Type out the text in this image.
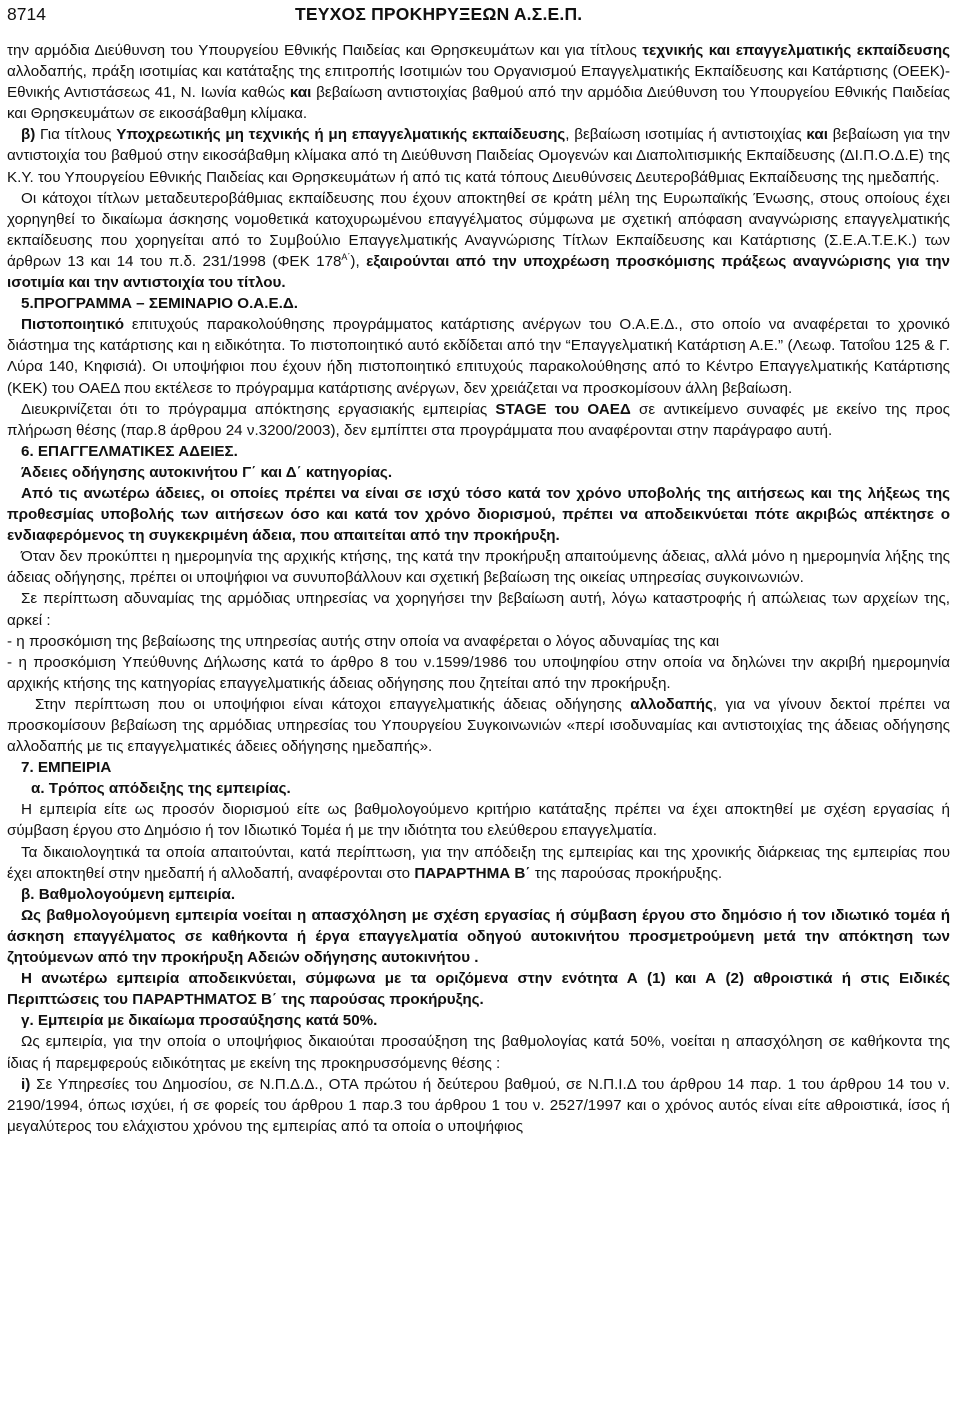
8714	ΤΕΥΧΟΣ ΠΡΟΚΗΡΥΞΕΩΝ Α.Σ.Ε.Π.

την αρμόδια Διεύθυνση του Υπουργείου Εθνικής Παιδείας και Θρησκευμάτων και για τίτλους τεχνικής και επαγγελματικής εκπαίδευσης αλλοδαπής, πράξη ισοτιμίας και κατάταξης της επιτροπής Ισοτιμιών του Οργανισμού Επαγγελματικής Εκπαίδευσης και Κατάρτισης (ΟΕΕΚ)- Εθνικής Αντιστάσεως 41, Ν. Ιωνία καθώς και βεβαίωση αντιστοιχίας βαθμού από την αρμόδια Διεύθυνση του Υπουργείου Εθνικής Παιδείας και Θρησκευμάτων σε εικοσάβαθμη κλίμακα.

β) Για τίτλους Υποχρεωτικής μη τεχνικής ή μη επαγγελματικής εκπαίδευσης, βεβαίωση ισοτιμίας ή αντιστοιχίας και βεβαίωση για την αντιστοιχία του βαθμού στην εικοσάβαθμη κλίμακα από τη Διεύθυνση Παιδείας Ομογενών και Διαπολιτισμικής Εκπαίδευσης (ΔΙ.Π.Ο.Δ.Ε) της Κ.Υ. του Υπουργείου Εθνικής Παιδείας και Θρησκευμάτων ή από τις κατά τόπους Διευθύνσεις Δευτεροβάθμιας Εκπαίδευσης της ημεδαπής.

Οι κάτοχοι τίτλων μεταδευτεροβάθμιας εκπαίδευσης που έχουν αποκτηθεί σε κράτη μέλη της Ευρωπαϊκής Ένωσης, στους οποίους έχει χορηγηθεί το δικαίωμα άσκησης νομοθετικά κατοχυρωμένου επαγγέλματος σύμφωνα με σχετική απόφαση αναγνώρισης επαγγελματικής εκπαίδευσης που χορηγείται από το Συμβούλιο Επαγγελματικής Αναγνώρισης Τίτλων Εκπαίδευσης και Κατάρτισης (Σ.Ε.Α.Τ.Ε.Κ.) των άρθρων 13 και 14 του π.δ. 231/1998 (ΦΕΚ $178^{A΄}$), εξαιρούνται από την υποχρέωση προσκόμισης πράξεως αναγνώρισης για την ισοτιμία και την αντιστοιχία του τίτλου.

5.ΠΡΟΓΡΑΜΜΑ – ΣΕΜΙΝΑΡΙΟ Ο.Α.Ε.Δ.

Πιστοποιητικό επιτυχούς παρακολούθησης προγράμματος κατάρτισης ανέργων του Ο.Α.Ε.Δ., στο οποίο να αναφέρεται το χρονικό διάστημα της κατάρτισης και η ειδικότητα. Το πιστοποιητικό αυτό εκδίδεται από την “Επαγγελματική Κατάρτιση Α.Ε.” (Λεωφ. Τατοΐου 125 & Γ. Λύρα 140, Κηφισιά). Οι υποψήφιοι που έχουν ήδη πιστοποιητικό επιτυχούς παρακολούθησης από το Κέντρο Επαγγελματικής Κατάρτισης (ΚΕΚ) του ΟΑΕΔ που εκτέλεσε το πρόγραμμα κατάρτισης ανέργων, δεν χρειάζεται να προσκομίσουν άλλη βεβαίωση.

Διευκρινίζεται ότι το πρόγραμμα απόκτησης εργασιακής εμπειρίας STAGE του ΟΑΕΔ σε αντικείμενο συναφές με εκείνο της προς πλήρωση θέσης (παρ.8 άρθρου 24 ν.3200/2003), δεν εμπίπτει στα προγράμματα που αναφέρονται στην παράγραφο αυτή.

6. ΕΠΑΓΓΕΛΜΑΤΙΚΕΣ ΑΔΕΙΕΣ.

Άδειες οδήγησης αυτοκινήτου Γ΄ και Δ΄ κατηγορίας.

Από τις ανωτέρω άδειες, οι οποίες πρέπει να είναι σε ισχύ τόσο κατά τον χρόνο υποβολής της αιτήσεως και της λήξεως της προθεσμίας υποβολής των αιτήσεων όσο και κατά τον χρόνο διορισμού, πρέπει να αποδεικνύεται πότε ακριβώς απέκτησε ο ενδιαφερόμενος τη συγκεκριμένη άδεια, που απαιτείται από την προκήρυξη.

Όταν δεν προκύπτει η ημερομηνία της αρχικής κτήσης, της κατά την προκήρυξη απαιτούμενης άδειας, αλλά μόνο η ημερομηνία λήξης της άδειας οδήγησης, πρέπει οι υποψήφιοι να συνυποβάλλουν και σχετική βεβαίωση της οικείας υπηρεσίας συγκοινωνιών.

Σε περίπτωση αδυναμίας της αρμόδιας υπηρεσίας να χορηγήσει την βεβαίωση αυτή, λόγω καταστροφής ή απώλειας των αρχείων της, αρκεί :

- η προσκόμιση της βεβαίωσης της υπηρεσίας αυτής στην οποία να αναφέρεται ο λόγος αδυναμίας της και

- η προσκόμιση Υπεύθυνης Δήλωσης κατά το άρθρο 8 του ν.1599/1986 του υποψηφίου στην οποία να δηλώνει την ακριβή ημερομηνία αρχικής κτήσης της κατηγορίας επαγγελματικής άδειας οδήγησης που ζητείται από την προκήρυξη.

Στην περίπτωση που οι υποψήφιοι είναι κάτοχοι επαγγελματικής άδειας οδήγησης αλλοδαπής, για να γίνουν δεκτοί πρέπει να προσκομίσουν βεβαίωση της αρμόδιας υπηρεσίας του Υπουργείου Συγκοινωνιών «περί ισοδυναμίας και αντιστοιχίας της άδειας οδήγησης αλλοδαπής με τις επαγγελματικές άδειες οδήγησης ημεδαπής».

7. ΕΜΠΕΙΡΙΑ

α. Τρόπος απόδειξης της εμπειρίας.

Η εμπειρία είτε ως προσόν διορισμού είτε ως βαθμολογούμενο κριτήριο κατάταξης πρέπει να έχει αποκτηθεί με σχέση εργασίας ή σύμβαση έργου στο Δημόσιο ή τον Ιδιωτικό Τομέα ή με την ιδιότητα του ελεύθερου επαγγελματία.

Τα δικαιολογητικά τα οποία απαιτούνται, κατά περίπτωση, για την απόδειξη της εμπειρίας και της χρονικής διάρκειας της εμπειρίας που έχει αποκτηθεί στην ημεδαπή ή αλλοδαπή, αναφέρονται στο ΠΑΡΑΡΤΗΜΑ Β΄ της παρούσας προκήρυξης.

β. Βαθμολογούμενη εμπειρία.

Ως βαθμολογούμενη εμπειρία νοείται η απασχόληση με σχέση εργασίας ή σύμβαση έργου στο δημόσιο ή τον ιδιωτικό τομέα ή άσκηση επαγγέλματος σε καθήκοντα ή έργα επαγγελματία οδηγού αυτοκινήτου προσμετρούμενη μετά την απόκτηση των ζητούμενων από την προκήρυξη Αδειών οδήγησης αυτοκινήτου .

Η ανωτέρω εμπειρία αποδεικνύεται, σύμφωνα με τα οριζόμενα στην ενότητα Α (1) και Α (2) αθροιστικά ή στις Ειδικές Περιπτώσεις του ΠΑΡΑΡΤΗΜΑΤΟΣ Β΄ της παρούσας προκήρυξης.

γ. Εμπειρία με δικαίωμα προσαύξησης κατά 50%.

Ως εμπειρία, για την οποία ο υποψήφιος δικαιούται προσαύξηση της βαθμολογίας κατά 50%, νοείται η απασχόληση σε καθήκοντα της ίδιας ή παρεμφερούς ειδικότητας με εκείνη της προκηρυσσόμενης θέσης :

i) Σε Υπηρεσίες του Δημοσίου, σε Ν.Π.Δ.Δ., ΟΤΑ πρώτου ή δεύτερου βαθμού, σε Ν.Π.Ι.Δ του άρθρου 14 παρ. 1 του άρθρου 14 του ν. 2190/1994, όπως ισχύει, ή σε φορείς του άρθρου 1 παρ.3 του άρθρου 1 του ν. 2527/1997 και ο χρόνος αυτός είναι είτε αθροιστικά, ίσος ή μεγαλύτερος του ελάχιστου χρόνου της εμπειρίας από τα οποία ο υποψήφιος
